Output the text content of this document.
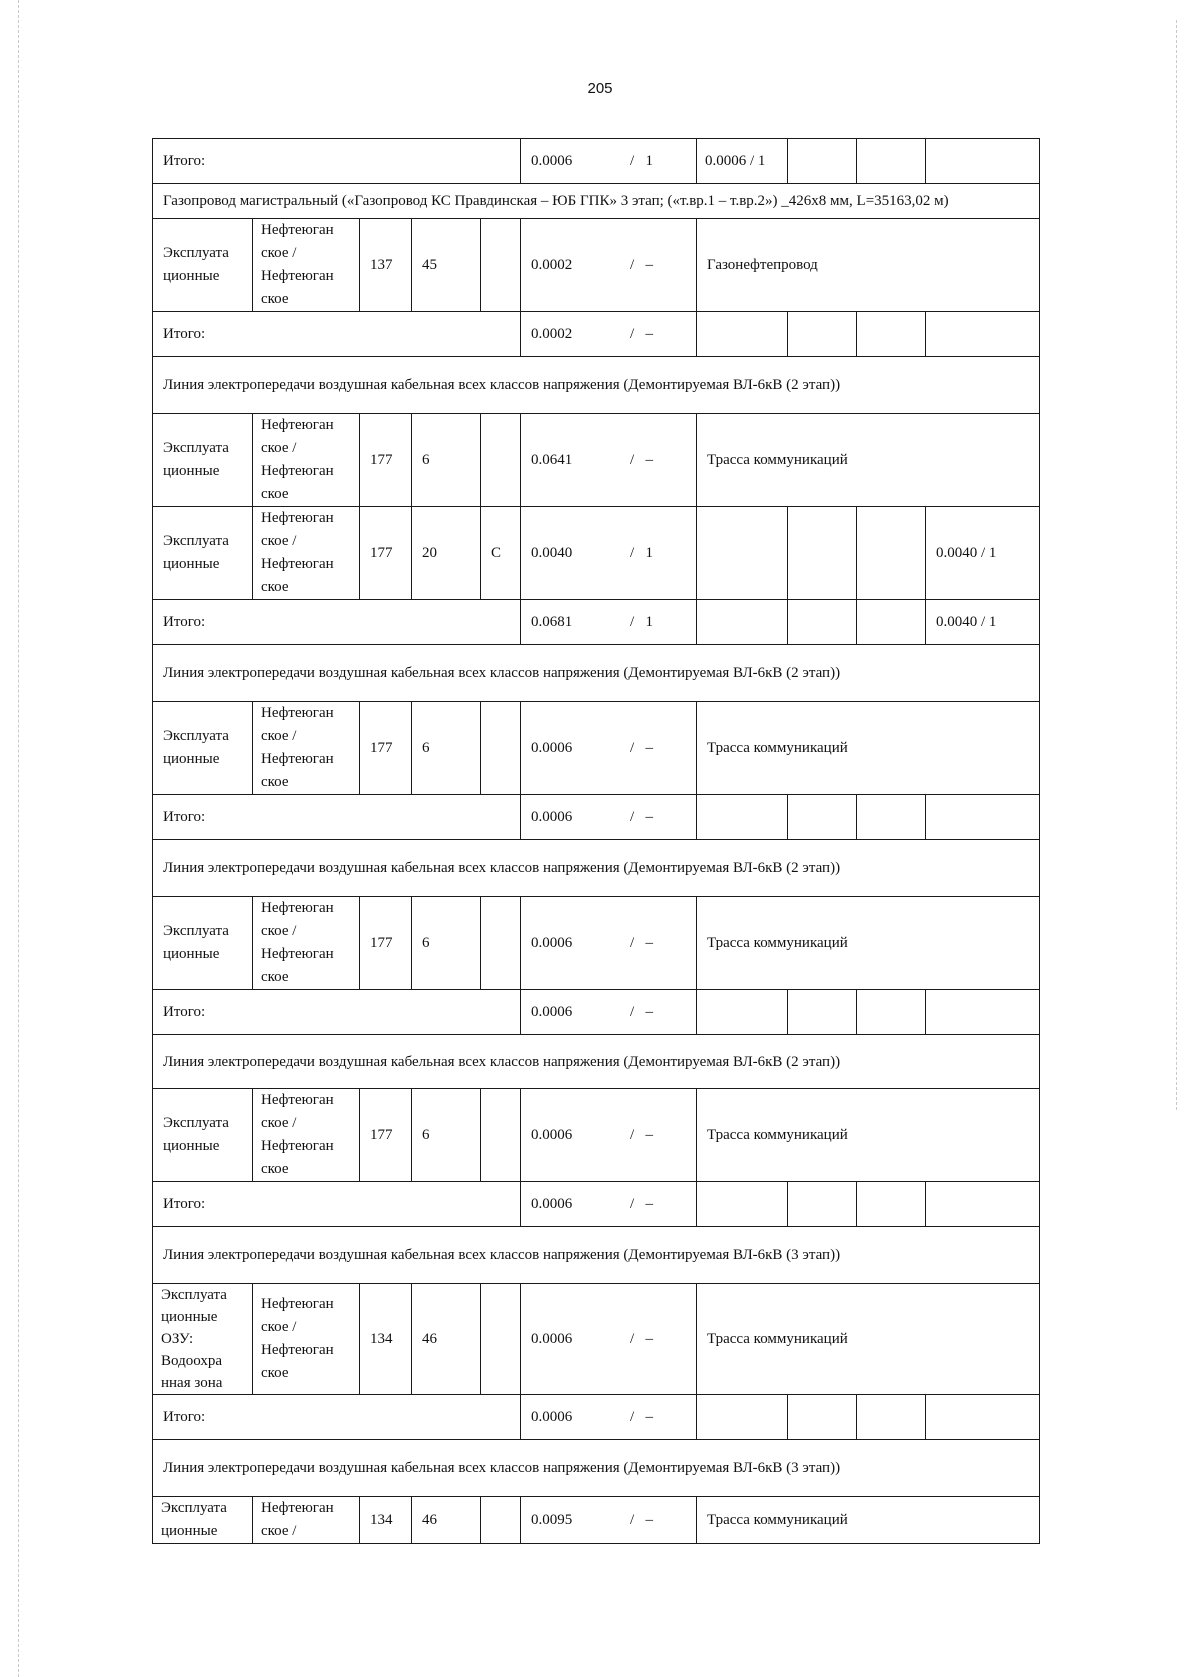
205
Итого:					0.0006 / 1	0.0006 / 1			
Газопровод магистральный («Газопровод КС Правдинская – ЮБ ГПК» 3 этап; («т.вр.1 – т.вр.2») _426х8 мм, L=35163,02 м)									
Эксплуата ционные	Нефтеюган ское / Нефтеюган ское	137	45		0.0002 / –	Газонефтепровод			
Итого:					0.0002 / –				

Линия электропередачи воздушная кабельная всех классов напряжения (Демонтируемая ВЛ-6кВ (2 этап))									
Эксплуата ционные	Нефтеюган ское / Нефтеюган ское	177	6		0.0641 / –	Трасса коммуникаций			
Эксплуата ционные	Нефтеюган ское / Нефтеюган ское	177	20	С	0.0040 / 1				0.0040 / 1
Итого:					0.0681 / 1				0.0040 / 1
Линия электропередачи воздушная кабельная всех классов напряжения (Демонтируемая ВЛ-6кВ (2 этап))									
Эксплуата ционные	Нефтеюган ское / Нефтеюган ское	177	6		0.0006 / –	Трасса коммуникаций			
Итого:					0.0006 / –				

Линия электропередачи воздушная кабельная всех классов напряжения (Демонтируемая ВЛ-6кВ (2 этап))									
Эксплуата ционные	Нефтеюган ское / Нефтеюган ское	177	6		0.0006 / –	Трасса коммуникаций			
Итого:					0.0006 / –				

Линия электропередачи воздушная кабельная всех классов напряжения (Демонтируемая ВЛ-6кВ (2 этап))									
Эксплуата ционные	Нефтеюган ское / Нефтеюган ское	177	6		0.0006 / –	Трасса коммуникаций			
Итого:					0.0006 / –				

Линия электропередачи воздушная кабельная всех классов напряжения (Демонтируемая ВЛ-6кВ (3 этап))									
Эксплуата ционные ОЗУ: Водоохра нная зона	Нефтеюган ское / Нефтеюган ское	134	46		0.0006 / –	Трасса коммуникаций			
Итого:					0.0006 / –				

Линия электропередачи воздушная кабельная всех классов напряжения (Демонтируемая ВЛ-6кВ (3 этап))									
Эксплуата ционные	Нефтеюган ское /	134	46		0.0095 / –	Трасса коммуникаций			
